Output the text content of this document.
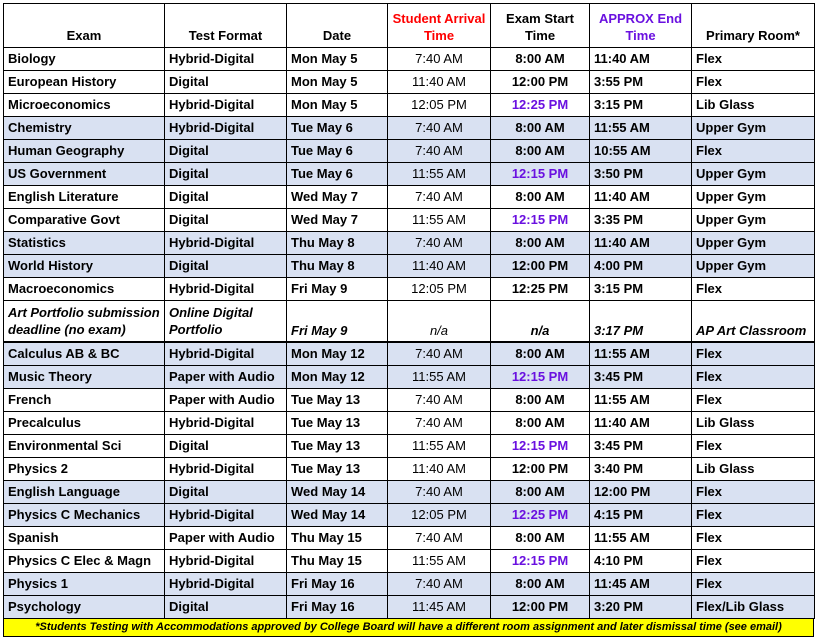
Exam	Test Format	Date	Student Arrival Time	Exam Start Time	APPROX End Time	Primary Room*
Biology	Hybrid-Digital	Mon May 5	7:40 AM	8:00 AM	11:40 AM	Flex
European History	Digital	Mon May 5	11:40 AM	12:00 PM	3:55 PM	Flex
Microeconomics	Hybrid-Digital	Mon May 5	12:05 PM	12:25 PM	3:15 PM	Lib Glass
Chemistry	Hybrid-Digital	Tue May 6	7:40 AM	8:00 AM	11:55 AM	Upper Gym
Human Geography	Digital	Tue May 6	7:40 AM	8:00 AM	10:55 AM	Flex
US Government	Digital	Tue May 6	11:55 AM	12:15 PM	3:50 PM	Upper Gym
English Literature	Digital	Wed May 7	7:40 AM	8:00 AM	11:40 AM	Upper Gym
Comparative Govt	Digital	Wed May 7	11:55 AM	12:15 PM	3:35 PM	Upper Gym
Statistics	Hybrid-Digital	Thu May 8	7:40 AM	8:00 AM	11:40 AM	Upper Gym
World History	Digital	Thu May 8	11:40 AM	12:00 PM	4:00 PM	Upper Gym
Macroeconomics	Hybrid-Digital	Fri May 9	12:05 PM	12:25 PM	3:15 PM	Flex
Art Portfolio submission deadline (no exam)	Online Digital Portfolio	Fri May 9	n/a	n/a	3:17 PM	AP Art Classroom
Calculus AB & BC	Hybrid-Digital	Mon May 12	7:40 AM	8:00 AM	11:55 AM	Flex
Music Theory	Paper with Audio	Mon May 12	11:55 AM	12:15 PM	3:45 PM	Flex
French	Paper with Audio	Tue May 13	7:40 AM	8:00 AM	11:55 AM	Flex
Precalculus	Hybrid-Digital	Tue May 13	7:40 AM	8:00 AM	11:40 AM	Lib Glass
Environmental Sci	Digital	Tue May 13	11:55 AM	12:15 PM	3:45 PM	Flex
Physics 2	Hybrid-Digital	Tue May 13	11:40 AM	12:00 PM	3:40 PM	Lib Glass
English Language	Digital	Wed May 14	7:40 AM	8:00 AM	12:00 PM	Flex
Physics C Mechanics	Hybrid-Digital	Wed May 14	12:05 PM	12:25 PM	4:15 PM	Flex
Spanish	Paper with Audio	Thu May 15	7:40 AM	8:00 AM	11:55 AM	Flex
Physics C Elec & Magn	Hybrid-Digital	Thu May 15	11:55 AM	12:15 PM	4:10 PM	Flex
Physics 1	Hybrid-Digital	Fri May 16	7:40 AM	8:00 AM	11:45 AM	Flex
Psychology	Digital	Fri May 16	11:45 AM	12:00 PM	3:20 PM	Flex/Lib Glass
*Students Testing with Accommodations approved by College Board will have a different room assignment and later dismissal time (see email)
